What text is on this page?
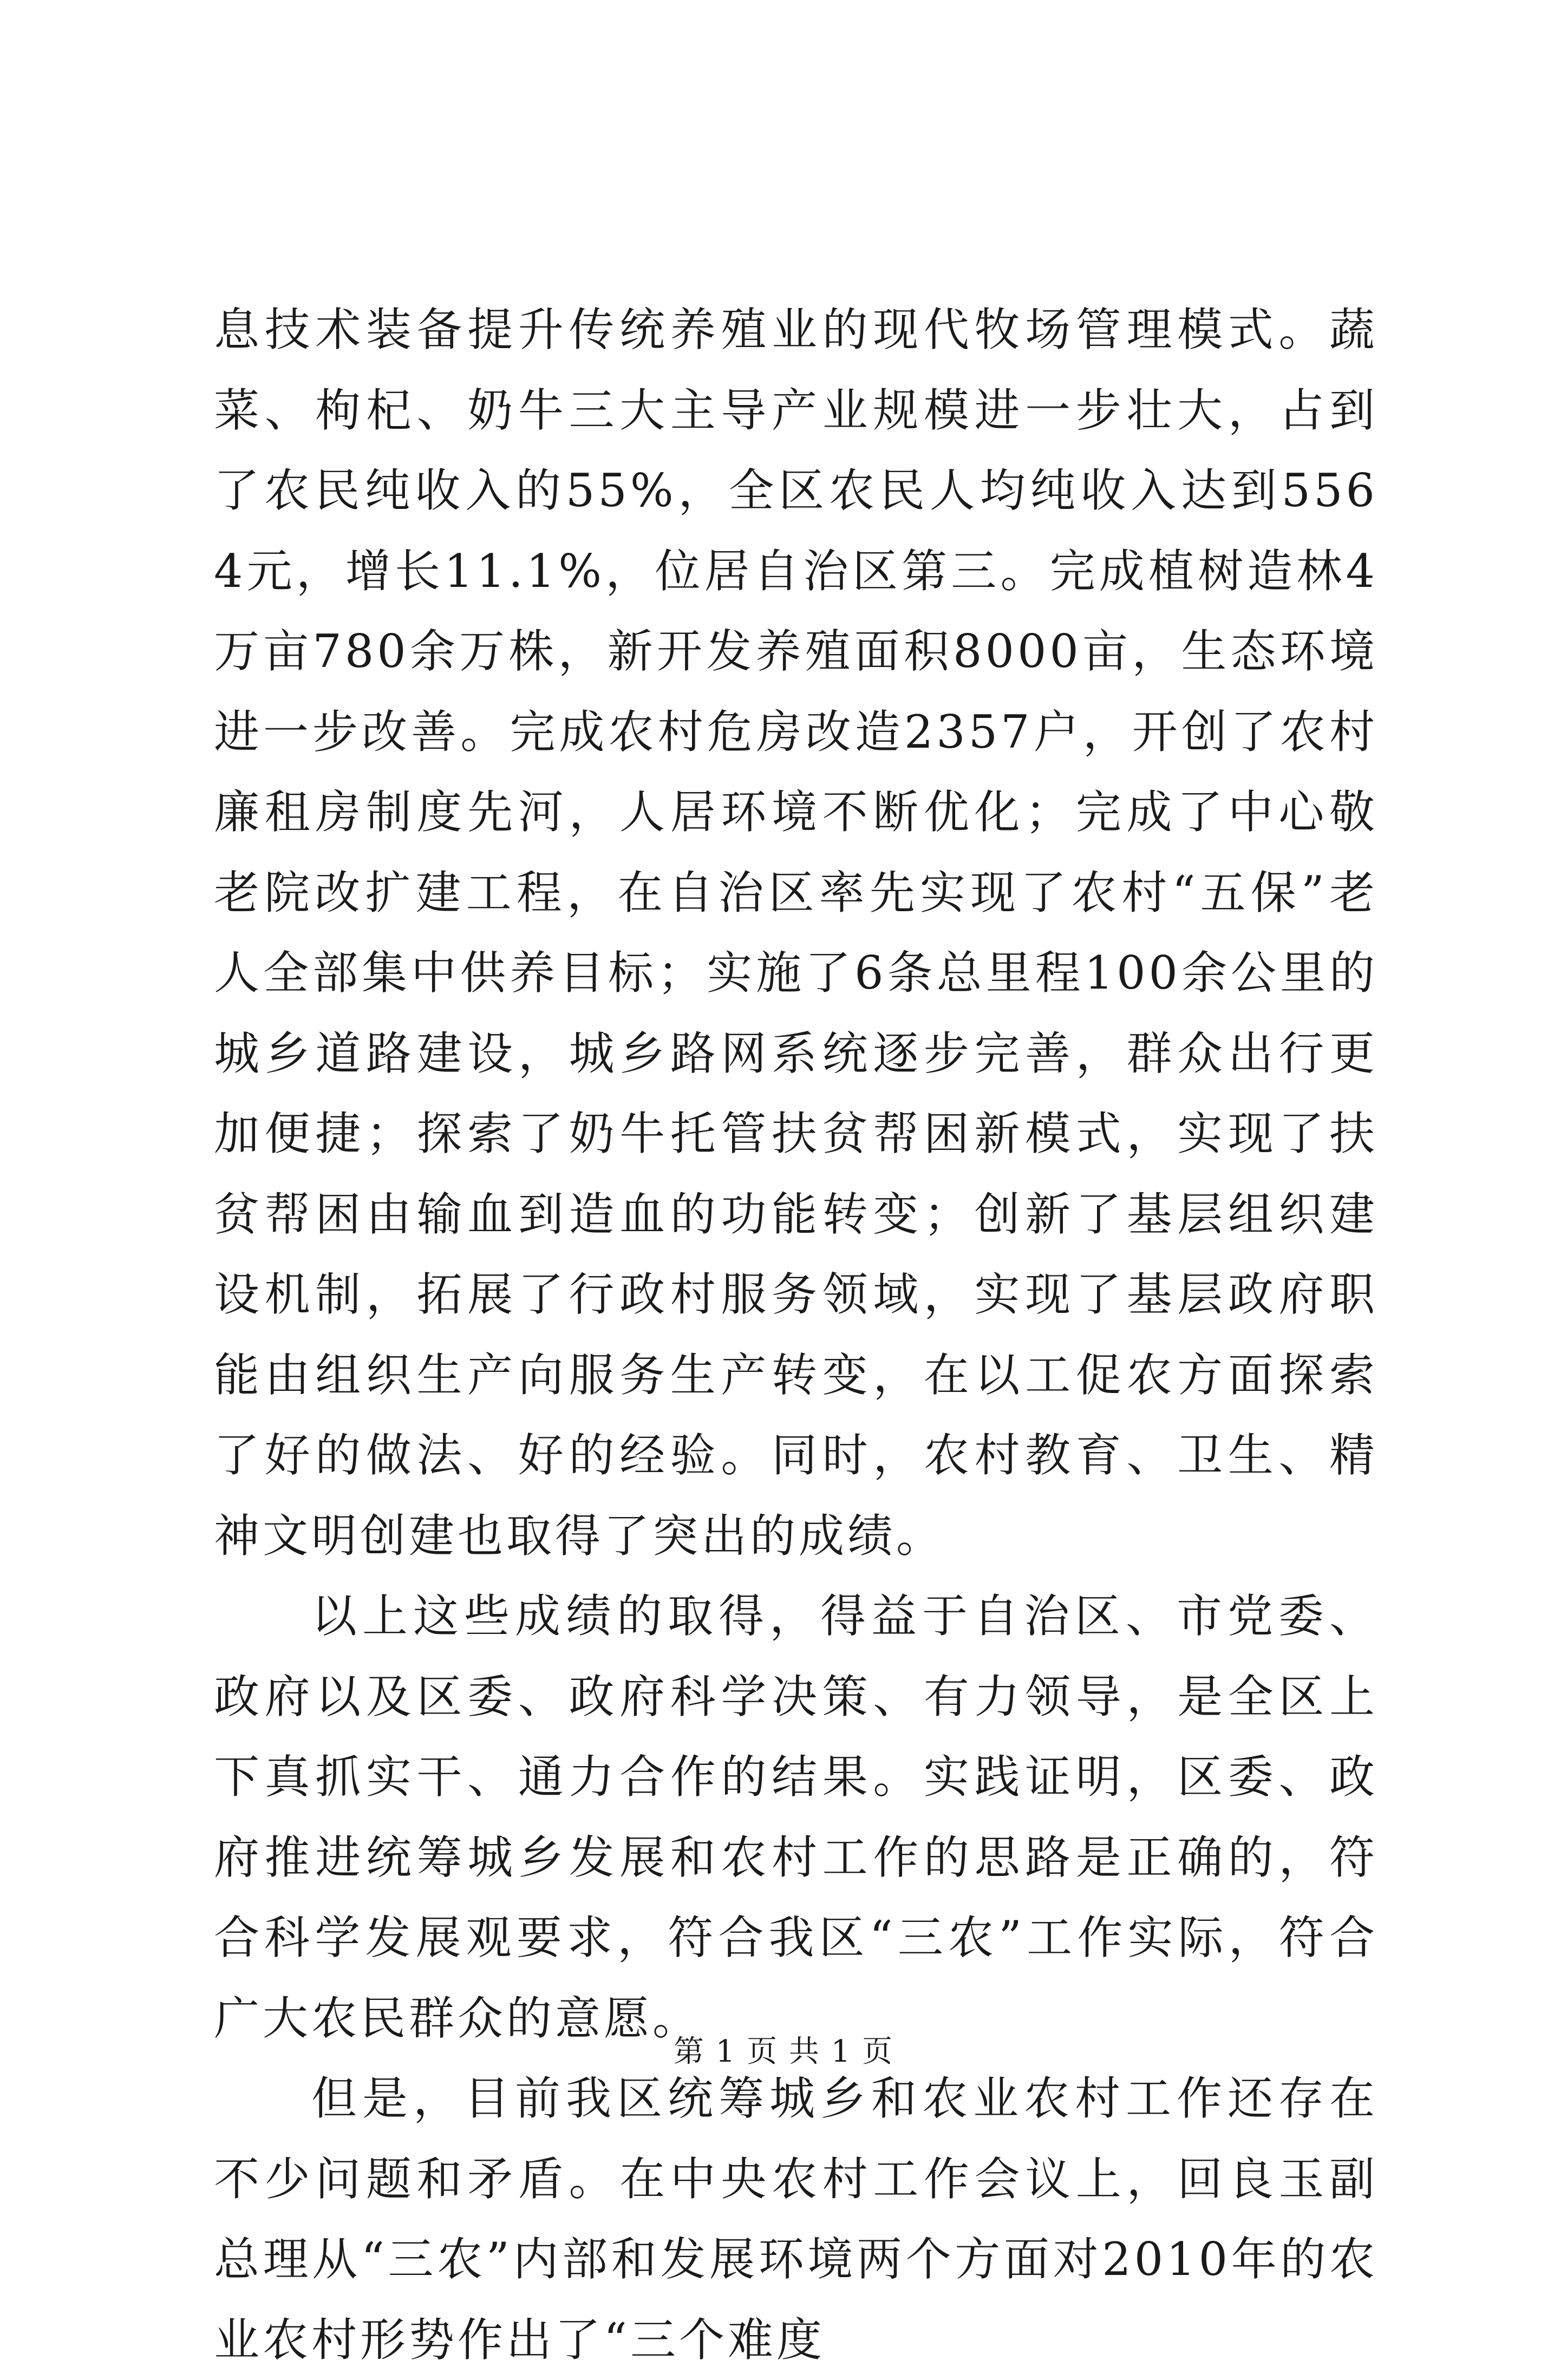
息技术装备提升传统养殖业的现代牧场管理模式。蔬菜、枸杞、奶牛三大主导产业规模进一步壮大，占到了农民纯收入的55%，全区农民人均纯收入达到5564元，增长11.1%，位居自治区第三。完成植树造林4万亩780余万株，新开发养殖面积8000亩，生态环境进一步改善。完成农村危房改造2357户，开创了农村廉租房制度先河，人居环境不断优化；完成了中心敬老院改扩建工程，在自治区率先实现了农村“五保”老人全部集中供养目标；实施了6条总里程100余公里的城乡道路建设，城乡路网系统逐步完善，群众出行更加便捷；探索了奶牛托管扶贫帮困新模式，实现了扶贫帮困由输血到造血的功能转变；创新了基层组织建设机制，拓展了行政村服务领域，实现了基层政府职能由组织生产向服务生产转变，在以工促农方面探索了好的做法、好的经验。同时，农村教育、卫生、精神文明创建也取得了突出的成绩。

以上这些成绩的取得，得益于自治区、市党委、政府以及区委、政府科学决策、有力领导，是全区上下真抓实干、通力合作的结果。实践证明，区委、政府推进统筹城乡发展和农村工作的思路是正确的，符合科学发展观要求，符合我区“三农”工作实际，符合广大农民群众的意愿。

但是，目前我区统筹城乡和农业农村工作还存在不少问题和矛盾。在中央农村工作会议上，回良玉副总理从“三农”内部和发展环境两个方面对2010年的农业农村形势作出了“三个难度

第 1 页 共 1 页
